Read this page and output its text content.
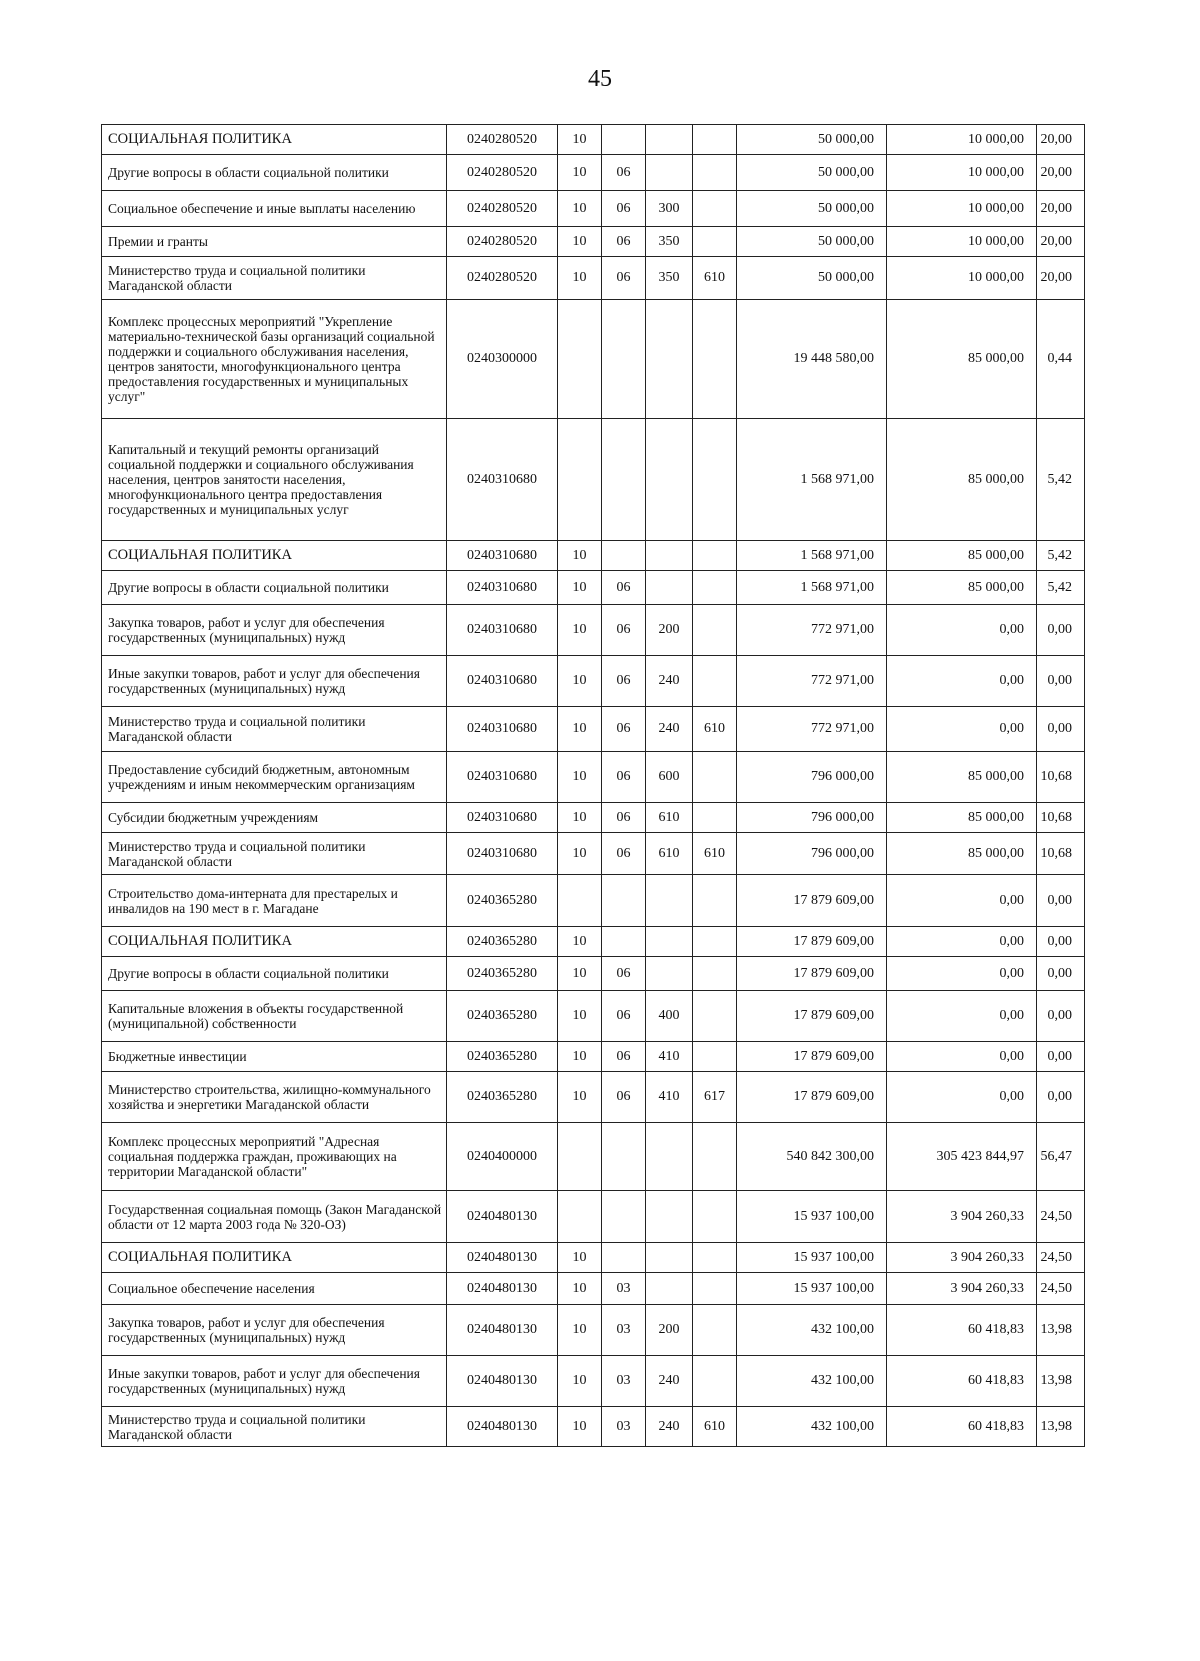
45
СОЦИАЛЬНАЯ ПОЛИТИКА	0240280520	10				50 000,00	10 000,00	20,00
Другие вопросы в области социальной политики	0240280520	10	06			50 000,00	10 000,00	20,00
Социальное обеспечение и иные выплаты населению	0240280520	10	06	300		50 000,00	10 000,00	20,00
Премии и гранты	0240280520	10	06	350		50 000,00	10 000,00	20,00
Министерство труда и социальной политики Магаданской области	0240280520	10	06	350	610	50 000,00	10 000,00	20,00
Комплекс процессных мероприятий "Укрепление материально-технической базы организаций социальной поддержки и социального обслуживания населения, центров занятости, многофункционального центра предоставления государственных и муниципальных услуг"	0240300000					19 448 580,00	85 000,00	0,44
Капитальный и текущий ремонты организаций социальной поддержки и социального обслуживания населения, центров занятости населения, многофункционального центра предоставления государственных и муниципальных услуг	0240310680					1 568 971,00	85 000,00	5,42
СОЦИАЛЬНАЯ ПОЛИТИКА	0240310680	10				1 568 971,00	85 000,00	5,42
Другие вопросы в области социальной политики	0240310680	10	06			1 568 971,00	85 000,00	5,42
Закупка товаров, работ и услуг для обеспечения государственных (муниципальных) нужд	0240310680	10	06	200		772 971,00	0,00	0,00
Иные закупки товаров, работ и услуг для обеспечения государственных (муниципальных) нужд	0240310680	10	06	240		772 971,00	0,00	0,00
Министерство труда и социальной политики Магаданской области	0240310680	10	06	240	610	772 971,00	0,00	0,00
Предоставление субсидий бюджетным, автономным учреждениям и иным некоммерческим организациям	0240310680	10	06	600		796 000,00	85 000,00	10,68
Субсидии бюджетным учреждениям	0240310680	10	06	610		796 000,00	85 000,00	10,68
Министерство труда и социальной политики Магаданской области	0240310680	10	06	610	610	796 000,00	85 000,00	10,68
Строительство дома-интерната для престарелых и инвалидов на 190 мест в г. Магадане	0240365280					17 879 609,00	0,00	0,00
СОЦИАЛЬНАЯ ПОЛИТИКА	0240365280	10				17 879 609,00	0,00	0,00
Другие вопросы в области социальной политики	0240365280	10	06			17 879 609,00	0,00	0,00
Капитальные вложения в объекты государственной (муниципальной) собственности	0240365280	10	06	400		17 879 609,00	0,00	0,00
Бюджетные инвестиции	0240365280	10	06	410		17 879 609,00	0,00	0,00
Министерство строительства, жилищно-коммунального хозяйства и энергетики Магаданской области	0240365280	10	06	410	617	17 879 609,00	0,00	0,00
Комплекс процессных мероприятий "Адресная социальная поддержка граждан, проживающих на территории Магаданской области"	0240400000					540 842 300,00	305 423 844,97	56,47
Государственная социальная помощь (Закон Магаданской области от 12 марта 2003 года № 320-ОЗ)	0240480130					15 937 100,00	3 904 260,33	24,50
СОЦИАЛЬНАЯ ПОЛИТИКА	0240480130	10				15 937 100,00	3 904 260,33	24,50
Социальное обеспечение населения	0240480130	10	03			15 937 100,00	3 904 260,33	24,50
Закупка товаров, работ и услуг для обеспечения государственных (муниципальных) нужд	0240480130	10	03	200		432 100,00	60 418,83	13,98
Иные закупки товаров, работ и услуг для обеспечения государственных (муниципальных) нужд	0240480130	10	03	240		432 100,00	60 418,83	13,98
Министерство труда и социальной политики Магаданской области	0240480130	10	03	240	610	432 100,00	60 418,83	13,98
